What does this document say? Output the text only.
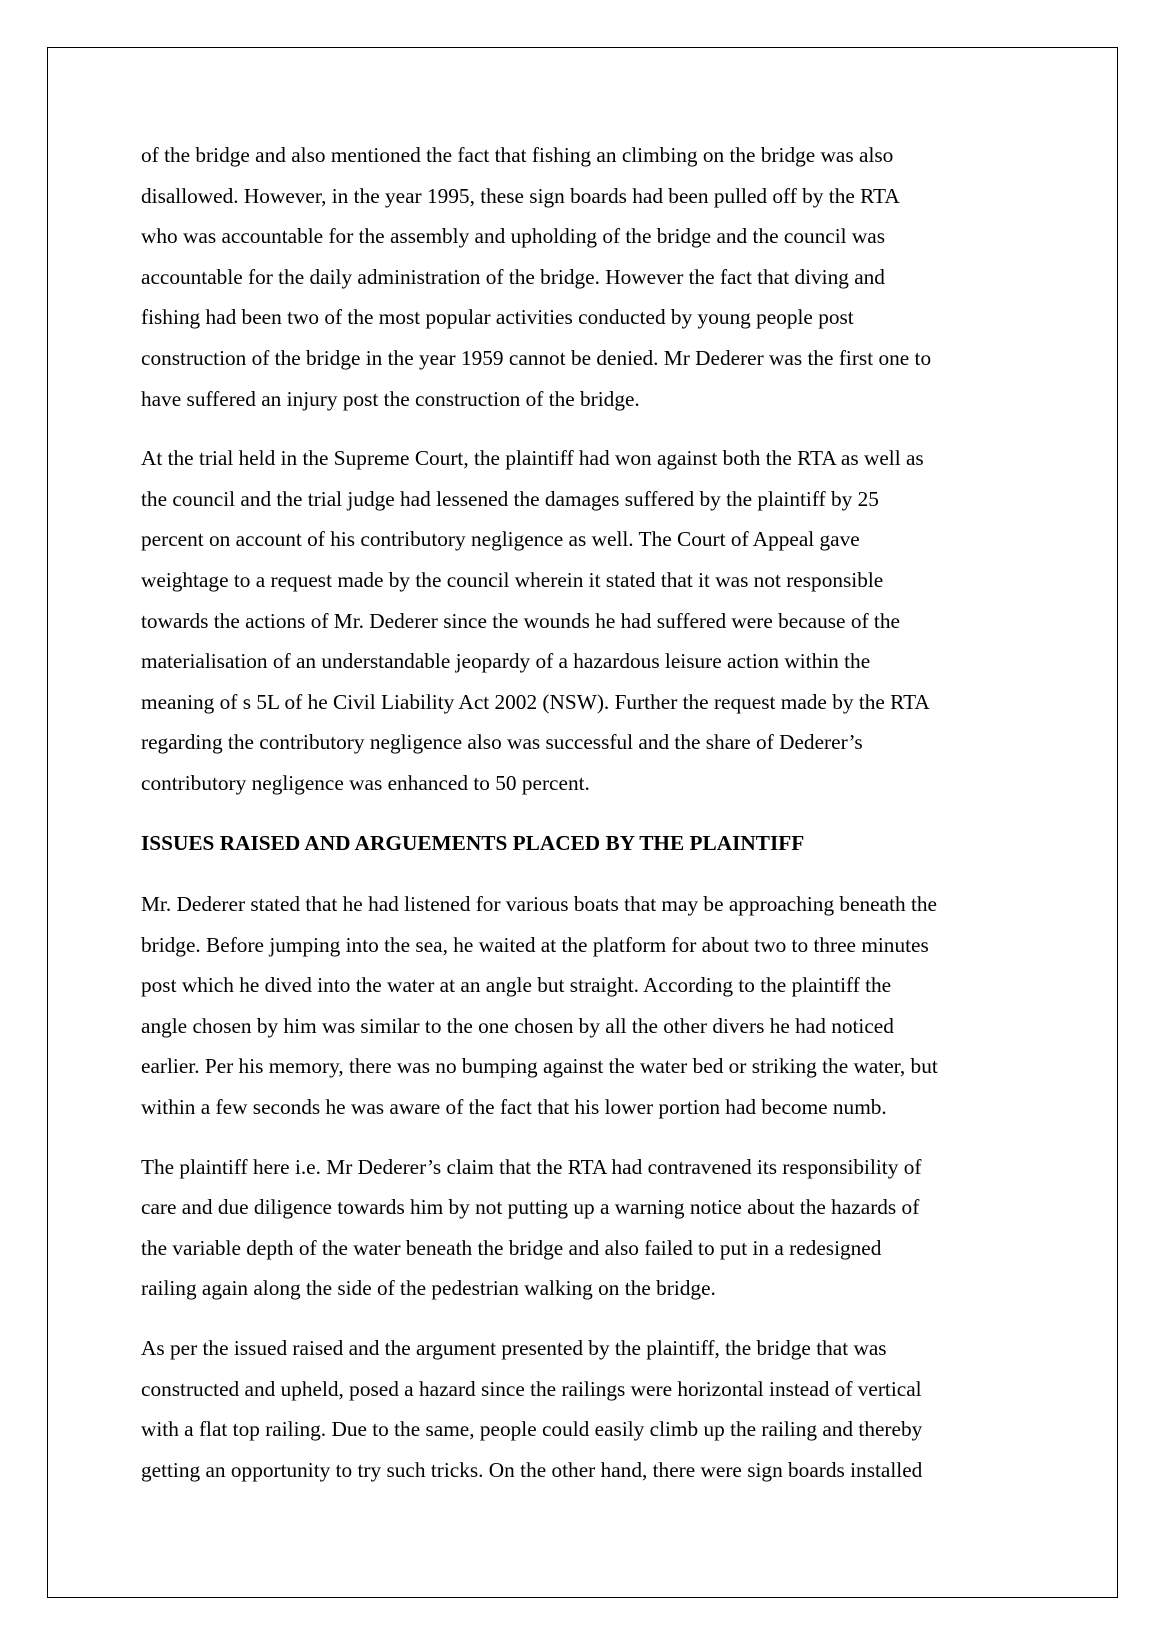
of the bridge and also mentioned the fact that fishing an climbing on the bridge was also
disallowed. However, in the year 1995, these sign boards had been pulled off by the RTA
who was accountable for the assembly and upholding of the bridge and the council was
accountable for the daily administration of the bridge. However the fact that diving and
fishing had been two of the most popular activities conducted by young people post
construction of the bridge in the year 1959 cannot be denied. Mr Dederer was the first one to
have suffered an injury post the construction of the bridge.

At the trial held in the Supreme Court, the plaintiff had won against both the RTA as well as
the council and the trial judge had lessened the damages suffered by the plaintiff by 25
percent on account of his contributory negligence as well. The Court of Appeal gave
weightage to a request made by the council wherein it stated that it was not responsible
towards the actions of Mr. Dederer since the wounds he had suffered were because of the
materialisation of an understandable jeopardy of a hazardous leisure action within the
meaning of s 5L of he Civil Liability Act 2002 (NSW). Further the request made by the RTA
regarding the contributory negligence also was successful and the share of Dederer’s
contributory negligence was enhanced to 50 percent.

ISSUES RAISED AND ARGUEMENTS PLACED BY THE PLAINTIFF

Mr. Dederer stated that he had listened for various boats that may be approaching beneath the
bridge. Before jumping into the sea, he waited at the platform for about two to three minutes
post which he dived into the water at an angle but straight. According to the plaintiff the
angle chosen by him was similar to the one chosen by all the other divers he had noticed
earlier. Per his memory, there was no bumping against the water bed or striking the water, but
within a few seconds he was aware of the fact that his lower portion had become numb.

The plaintiff here i.e. Mr Dederer’s claim that the RTA had contravened its responsibility of
care and due diligence towards him by not putting up a warning notice about the hazards of
the variable depth of the water beneath the bridge and also failed to put in a redesigned
railing again along the side of the pedestrian walking on the bridge.

As per the issued raised and the argument presented by the plaintiff, the bridge that was
constructed and upheld, posed a hazard since the railings were horizontal instead of vertical
with a flat top railing. Due to the same, people could easily climb up the railing and thereby
getting an opportunity to try such tricks. On the other hand, there were sign boards installed
